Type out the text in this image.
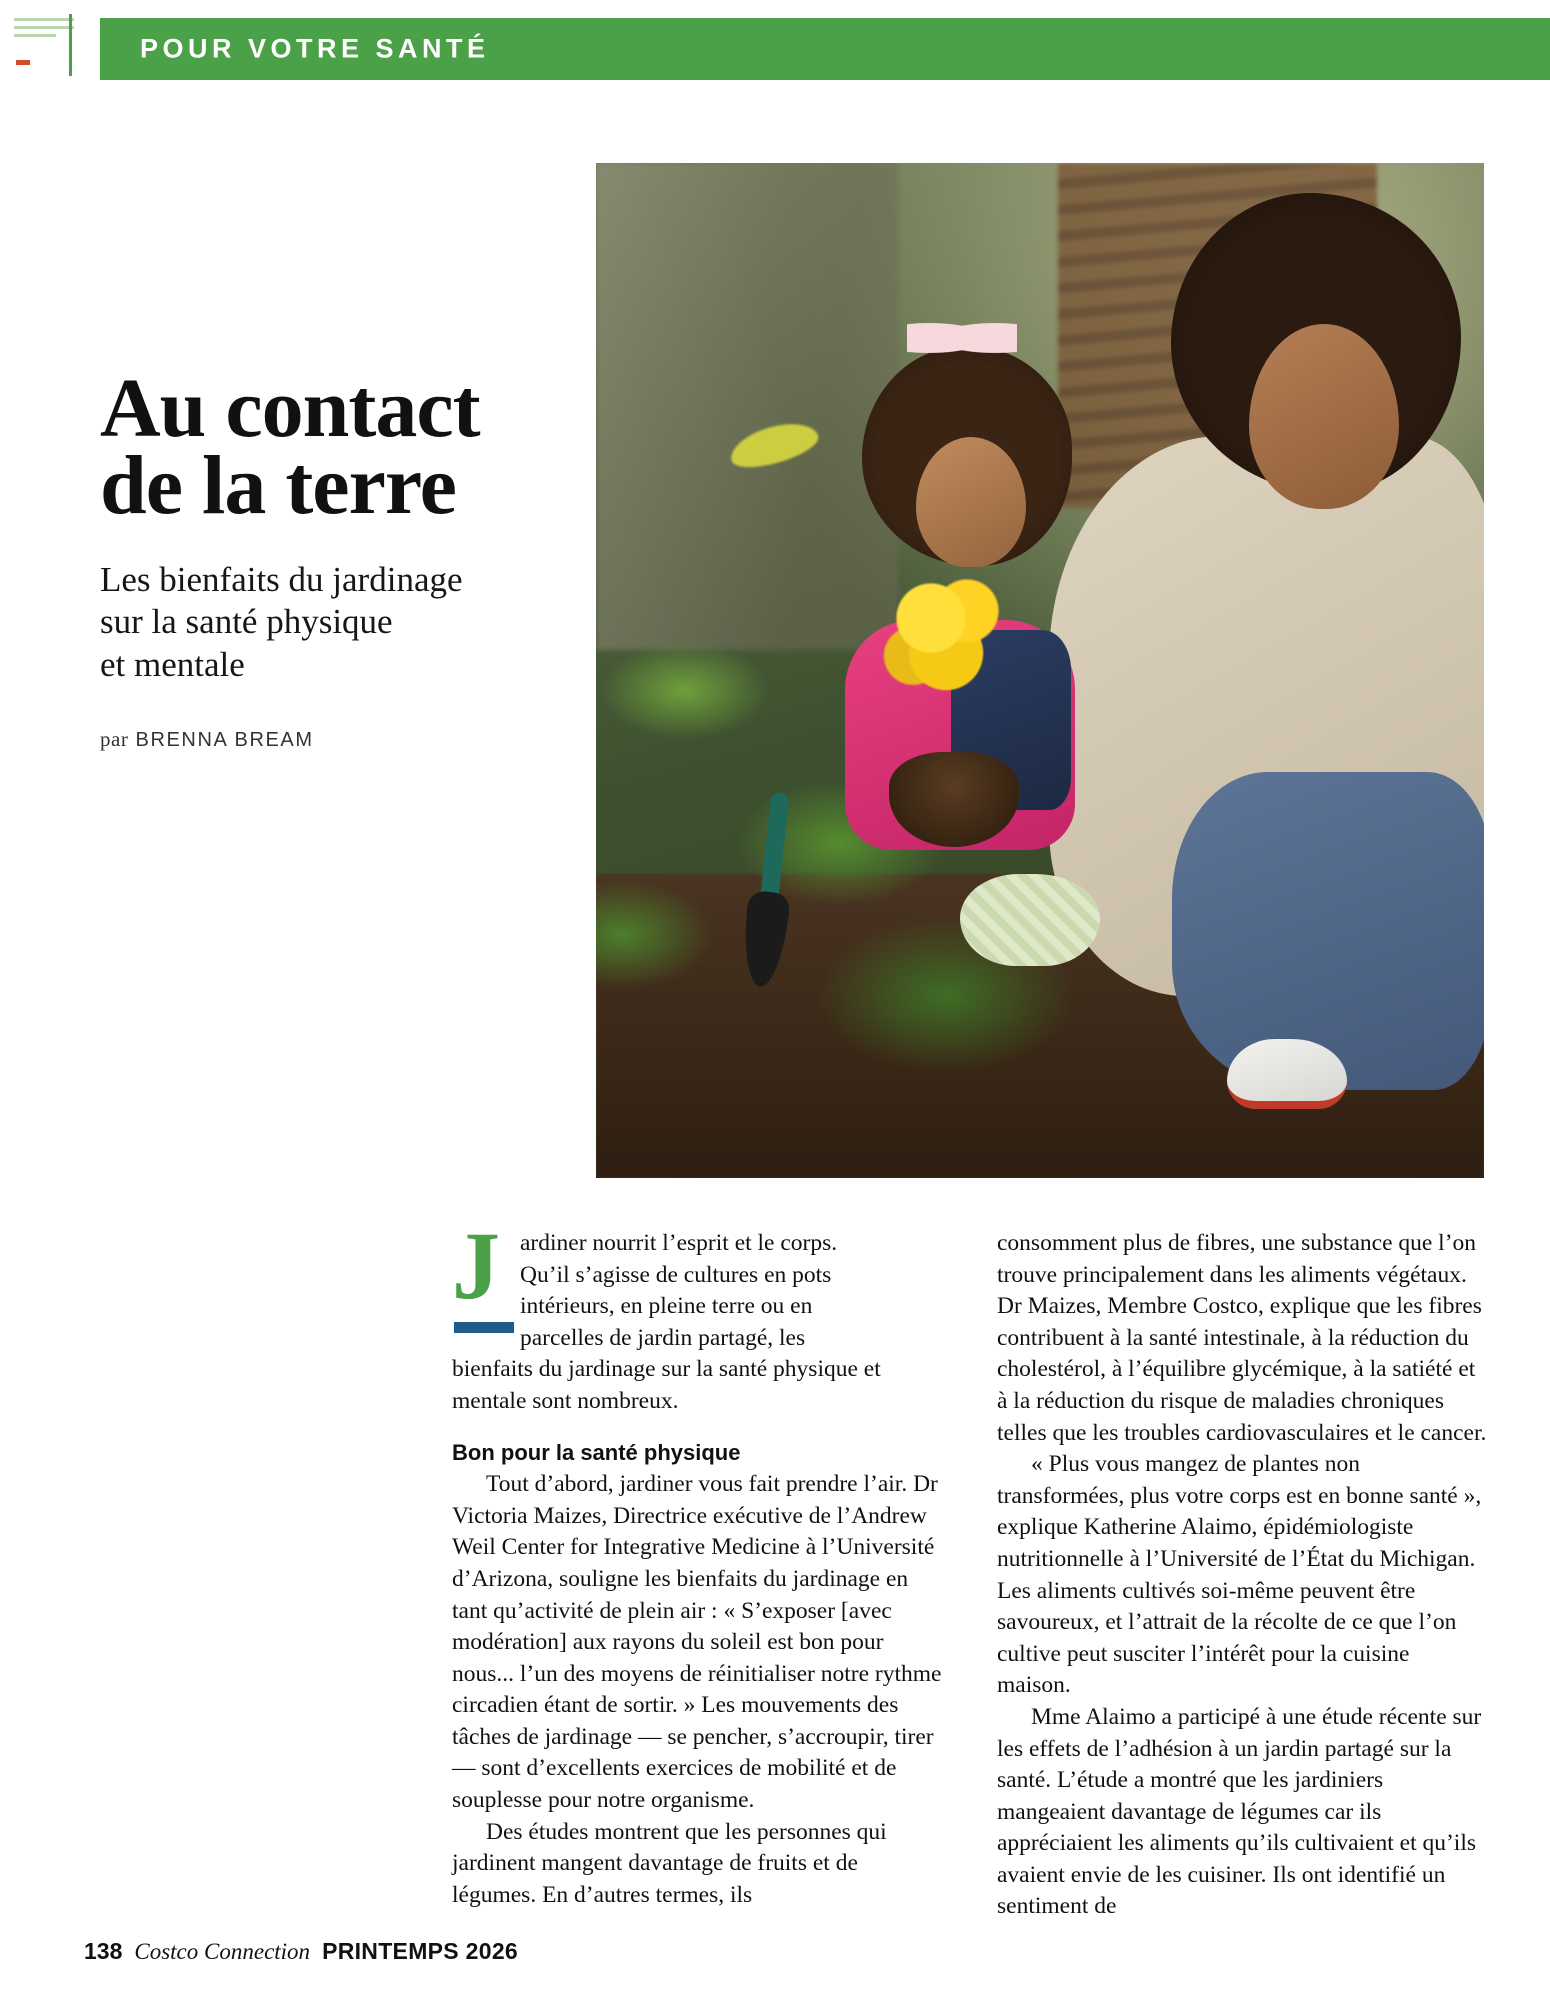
POUR VOTRE SANTÉ
Au contact
de la terre
Les bienfaits du jardinage
sur la santé physique
et mentale
par BRENNA BREAM
J ardiner nourrit l’esprit et le corps.
Qu’il s’agisse de cultures en pots
intérieurs, en pleine terre ou en
parcelles de jardin partagé, les
bienfaits du jardinage sur la santé physique et mentale sont nombreux.

Bon pour la santé physique

Tout d’abord, jardiner vous fait prendre l’air. Dr Victoria Maizes, Directrice exécutive de l’Andrew Weil Center for Integrative Medicine à l’Université d’Arizona, souligne les bienfaits du jardinage en tant qu’activité de plein air : « S’exposer [avec modération] aux rayons du soleil est bon pour nous... l’un des moyens de réinitialiser notre rythme circadien étant de sortir. » Les mouvements des tâches de jardinage — se pencher, s’accroupir, tirer — sont d’excellents exercices de mobilité et de souplesse pour notre organisme.

Des études montrent que les personnes qui jardinent mangent davantage de fruits et de légumes. En d’autres termes, ils

consomment plus de fibres, une substance que l’on trouve principalement dans les aliments végétaux. Dr Maizes, Membre Costco, explique que les fibres contribuent à la santé intestinale, à la réduction du cholestérol, à l’équilibre glycémique, à la satiété et à la réduction du risque de maladies chroniques telles que les troubles cardiovasculaires et le cancer.

« Plus vous mangez de plantes non transformées, plus votre corps est en bonne santé », explique Katherine Alaimo, épidémiologiste nutritionnelle à l’Université de l’État du Michigan. Les aliments cultivés soi-même peuvent être savoureux, et l’attrait de la récolte de ce que l’on cultive peut susciter l’intérêt pour la cuisine maison.

Mme Alaimo a participé à une étude récente sur les effets de l’adhésion à un jardin partagé sur la santé. L’étude a montré que les jardiniers mangeaient davantage de légumes car ils appréciaient les aliments qu’ils cultivaient et qu’ils avaient envie de les cuisiner. Ils ont identifié un sentiment de

138 Costco Connection PRINTEMPS 2026
